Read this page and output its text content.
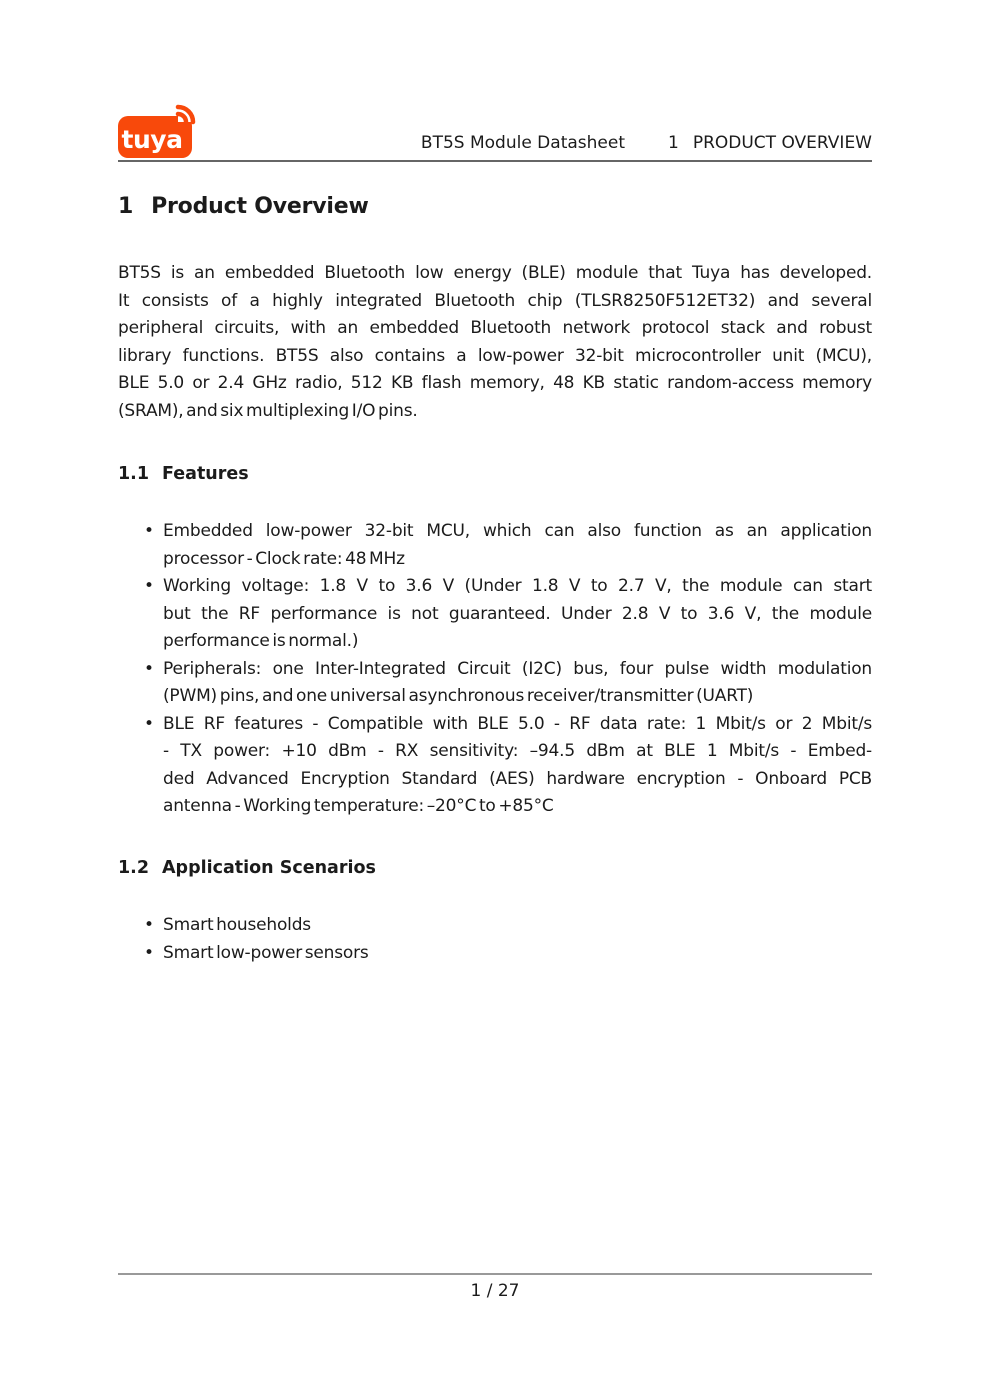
tuya	BT5S Module Datasheet	1 PRODUCT OVERVIEW
1 Product Overview
BT5S is an embedded Bluetooth low energy (BLE) module that Tuya has developed.
It consists of a highly integrated Bluetooth chip (TLSR8250F512ET32) and several
peripheral circuits, with an embedded Bluetooth network protocol stack and robust
library functions. BT5S also contains a low-power 32-bit microcontroller unit (MCU),
BLE 5.0 or 2.4 GHz radio, 512 KB flash memory, 48 KB static random-access memory
(SRAM), and six multiplexing I/O pins.
1.1 Features
• Embedded low-power 32-bit MCU, which can also function as an application
processor - Clock rate: 48 MHz
• Working voltage: 1.8 V to 3.6 V (Under 1.8 V to 2.7 V, the module can start
but the RF performance is not guaranteed. Under 2.8 V to 3.6 V, the module
performance is normal.)
• Peripherals: one Inter-Integrated Circuit (I2C) bus, four pulse width modulation
(PWM) pins, and one universal asynchronous receiver/transmitter (UART)
• BLE RF features - Compatible with BLE 5.0 - RF data rate: 1 Mbit/s or 2 Mbit/s
- TX power: +10 dBm - RX sensitivity: –94.5 dBm at BLE 1 Mbit/s - Embed-
ded Advanced Encryption Standard (AES) hardware encryption - Onboard PCB
antenna - Working temperature: –20°C to +85°C
1.2 Application Scenarios
• Smart households
• Smart low-power sensors
1 / 27
